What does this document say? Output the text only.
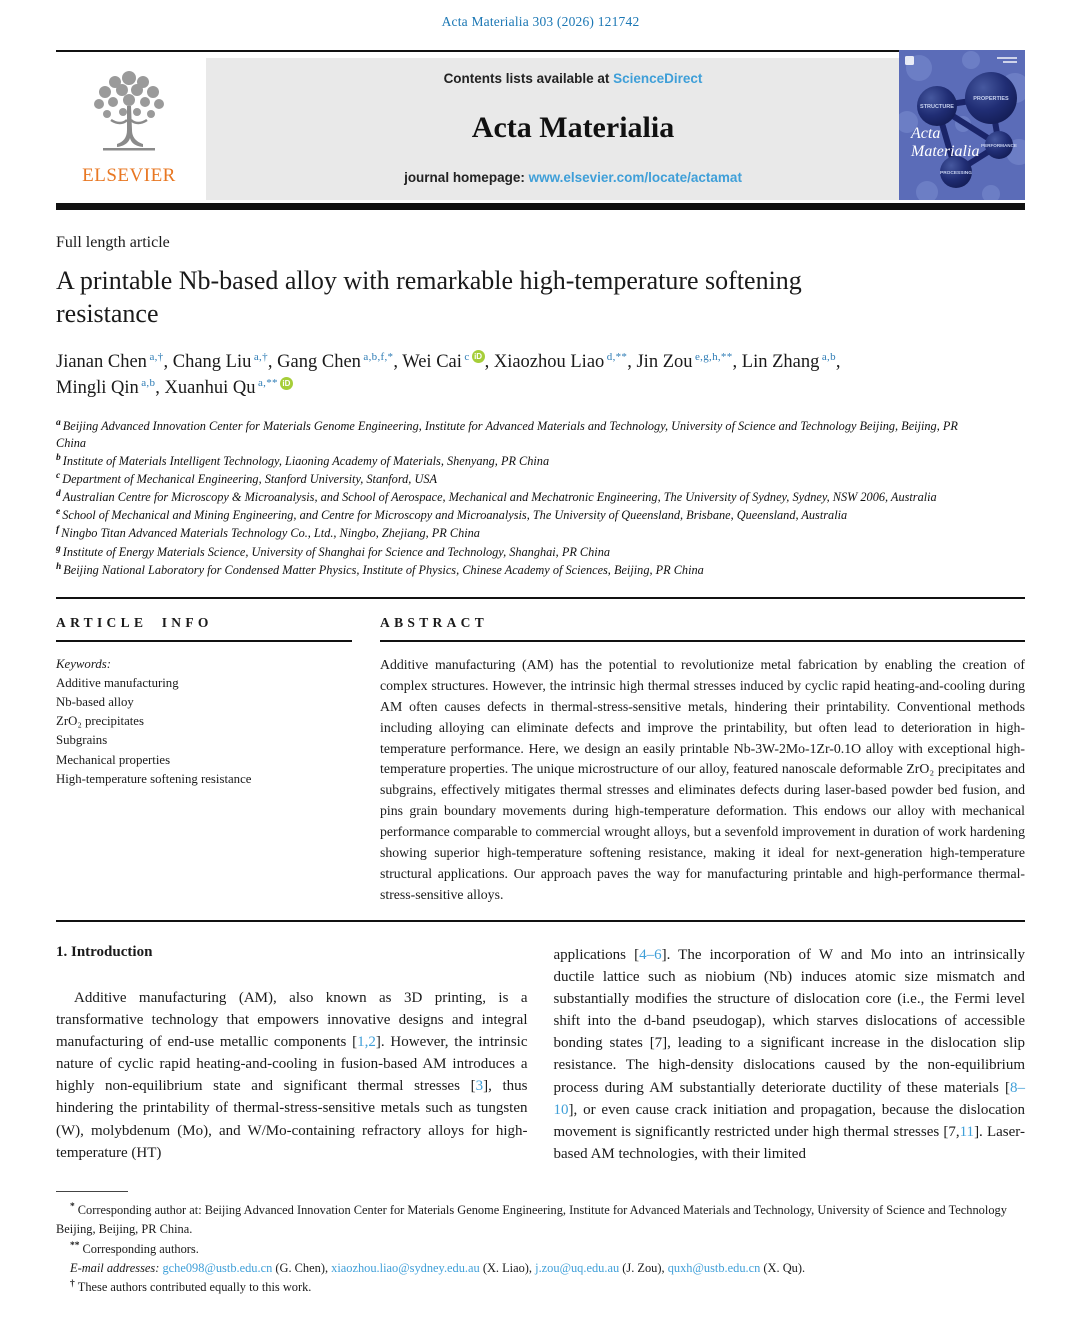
Acta Materialia 303 (2026) 121742
ELSEVIER
Contents lists available at ScienceDirect
Acta Materialia
journal homepage: www.elsevier.com/locate/actamat
STRUCTURE
PROPERTIES
PERFORMANCE
PROCESSING
Acta
Materialia
Full length article
A printable Nb-based alloy with remarkable high-temperature softening resistance
Jianan Chen $^{a,\dagger}$, Chang Liu $^{a,\dagger}$, Gang Chen $^{a,b,f,*}$, Wei Cai $^c$ iD , Xiaozhou Liao $^{d,**}$, Jin Zou $^{e,g,h,**}$, Lin Zhang $^{a,b}$, Mingli Qin $^{a,b}$, Xuanhui Qu $^{a,**}$ iD
$^a$ Beijing Advanced Innovation Center for Materials Genome Engineering, Institute for Advanced Materials and Technology, University of Science and Technology Beijing, Beijing, PR China
$^b$ Institute of Materials Intelligent Technology, Liaoning Academy of Materials, Shenyang, PR China
$^c$ Department of Mechanical Engineering, Stanford University, Stanford, USA
$^d$ Australian Centre for Microscopy & Microanalysis, and School of Aerospace, Mechanical and Mechatronic Engineering, The University of Sydney, Sydney, NSW 2006, Australia
$^e$ School of Mechanical and Mining Engineering, and Centre for Microscopy and Microanalysis, The University of Queensland, Brisbane, Queensland, Australia
$^f$ Ningbo Titan Advanced Materials Technology Co., Ltd., Ningbo, Zhejiang, PR China
$^g$ Institute of Energy Materials Science, University of Shanghai for Science and Technology, Shanghai, PR China
$^h$ Beijing National Laboratory for Condensed Matter Physics, Institute of Physics, Chinese Academy of Sciences, Beijing, PR China
ARTICLE INFO
Keywords:
Additive manufacturing
Nb-based alloy
ZrO₂ precipitates
Subgrains
Mechanical properties
High-temperature softening resistance
ABSTRACT

Additive manufacturing (AM) has the potential to revolutionize metal fabrication by enabling the creation of complex structures. However, the intrinsic high thermal stresses induced by cyclic rapid heating-and-cooling during AM often causes defects in thermal-stress-sensitive metals, hindering their printability. Conventional methods including alloying can eliminate defects and improve the printability, but often lead to deterioration in high-temperature performance. Here, we design an easily printable Nb-3W-2Mo-1Zr-0.1O alloy with exceptional high-temperature properties. The unique microstructure of our alloy, featured nanoscale deformable ZrO₂ precipitates and subgrains, effectively mitigates thermal stresses and eliminates defects during laser-based powder bed fusion, and pins grain boundary movements during high-temperature deformation. This endows our alloy with mechanical performance comparable to commercial wrought alloys, but a sevenfold improvement in duration of work hardening showing superior high-temperature softening resistance, making it ideal for next-generation high-temperature structural applications. Our approach paves the way for manufacturing printable and high-performance thermal-stress-sensitive alloys.

1. Introduction

Additive manufacturing (AM), also known as 3D printing, is a transformative technology that empowers innovative designs and integral manufacturing of end-use metallic components [1,2]. However, the intrinsic nature of cyclic rapid heating-and-cooling in fusion-based AM introduces a highly non-equilibrium state and significant thermal stresses [3], thus hindering the printability of thermal-stress-sensitive metals such as tungsten (W), molybdenum (Mo), and W/Mo-containing refractory alloys for high-temperature (HT)

applications [4–6]. The incorporation of W and Mo into an intrinsically ductile lattice such as niobium (Nb) induces atomic size mismatch and substantially modifies the structure of dislocation core (i.e., the Fermi level shift into the d-band pseudogap), which starves dislocations of accessible bonding states [7], leading to a significant increase in the dislocation slip resistance. The high-density dislocations caused by the non-equilibrium process during AM substantially deteriorate ductility of these materials [8–10], or even cause crack initiation and propagation, because the dislocation movement is significantly restricted under high thermal stresses [7,11]. Laser-based AM technologies, with their limited

* Corresponding author at: Beijing Advanced Innovation Center for Materials Genome Engineering, Institute for Advanced Materials and Technology, University of Science and Technology Beijing, Beijing, PR China.

** Corresponding authors.

E-mail addresses: gche098@ustb.edu.cn (G. Chen), xiaozhou.liao@sydney.edu.au (X. Liao), j.zou@uq.edu.au (J. Zou), quxh@ustb.edu.cn (X. Qu).

† These authors contributed equally to this work.
